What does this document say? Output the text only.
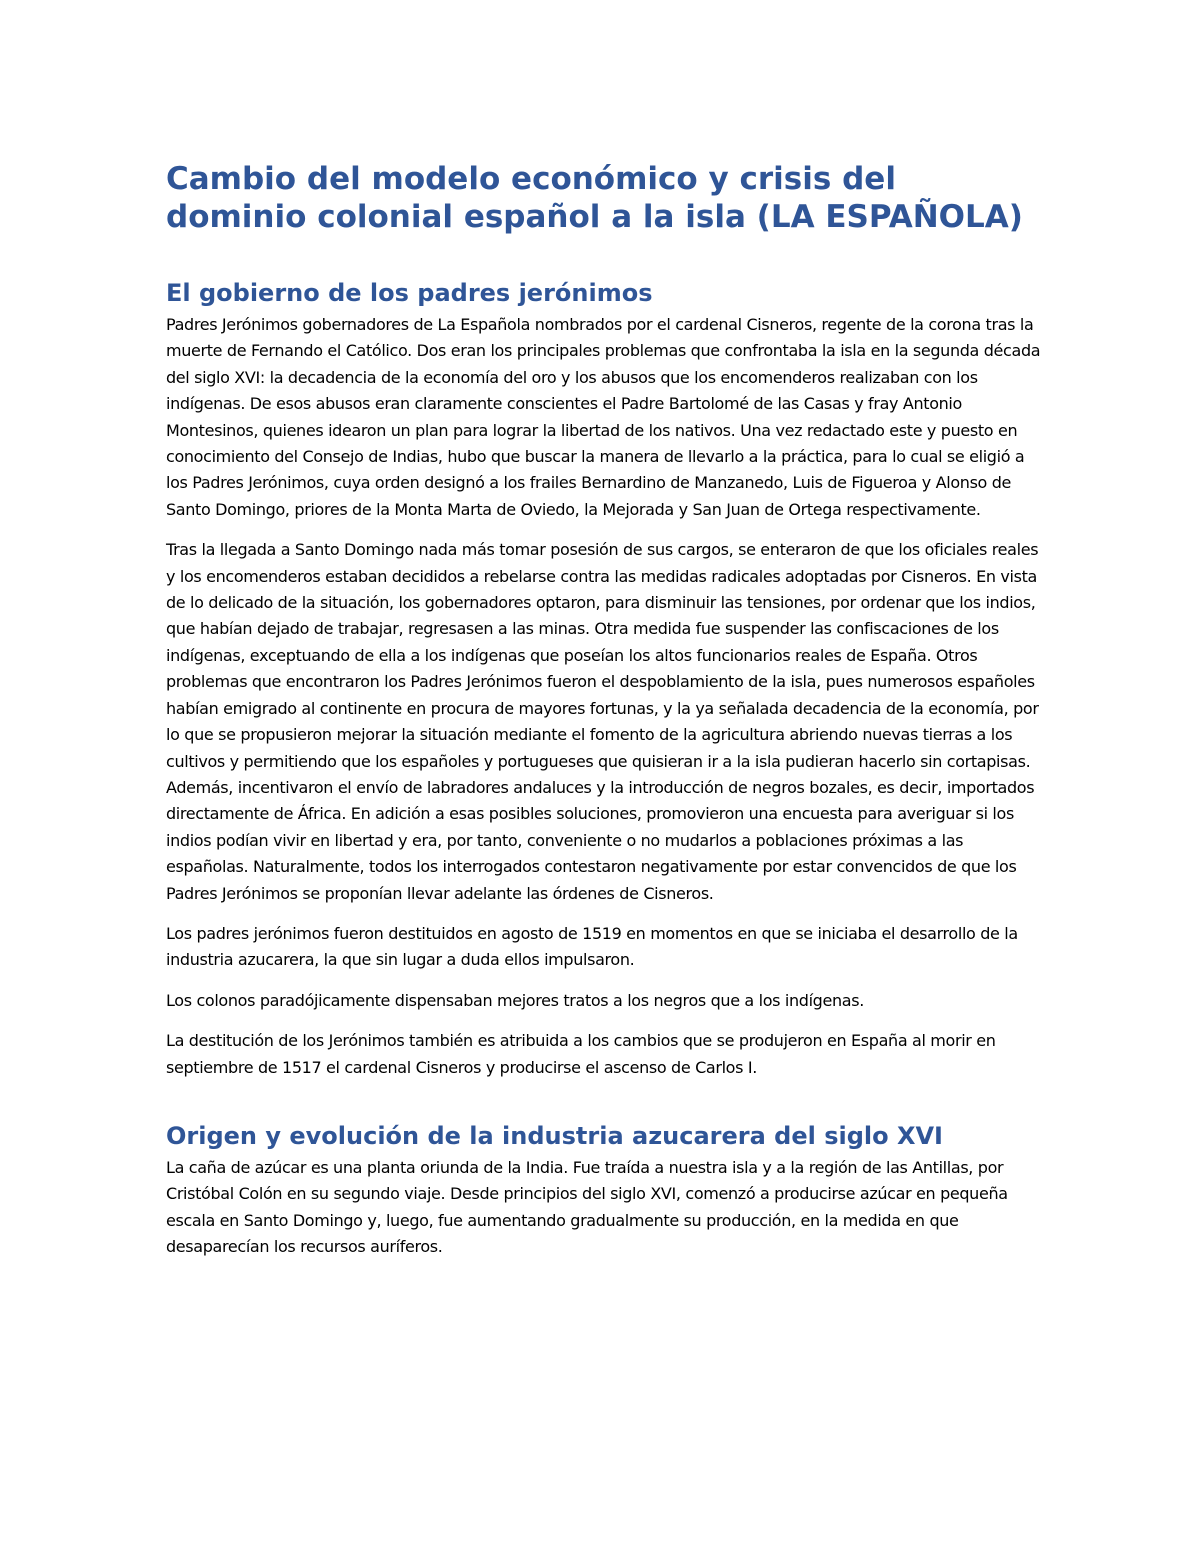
Cambio del modelo económico y crisis del dominio colonial español a la isla (LA ESPAÑOLA)
El gobierno de los padres jerónimos

Padres Jerónimos gobernadores de La Española nombrados por el cardenal Cisneros, regente de la corona tras la muerte de Fernando el Católico. Dos eran los principales problemas que confrontaba la isla en la segunda década del siglo XVI: la decadencia de la economía del oro y los abusos que los encomenderos realizaban con los indígenas. De esos abusos eran claramente conscientes el Padre Bartolomé de las Casas y fray Antonio Montesinos, quienes idearon un plan para lograr la libertad de los nativos. Una vez redactado este y puesto en conocimiento del Consejo de Indias, hubo que buscar la manera de llevarlo a la práctica, para lo cual se eligió a los Padres Jerónimos, cuya orden designó a los frailes Bernardino de Manzanedo, Luis de Figueroa y Alonso de Santo Domingo, priores de la Monta Marta de Oviedo, la Mejorada y San Juan de Ortega respectivamente.

Tras la llegada a Santo Domingo nada más tomar posesión de sus cargos, se enteraron de que los oficiales reales y los encomenderos estaban decididos a rebelarse contra las medidas radicales adoptadas por Cisneros. En vista de lo delicado de la situación, los gobernadores optaron, para disminuir las tensiones, por ordenar que los indios, que habían dejado de trabajar, regresasen a las minas. Otra medida fue suspender las confiscaciones de los indígenas, exceptuando de ella a los indígenas que poseían los altos funcionarios reales de España. Otros problemas que encontraron los Padres Jerónimos fueron el despoblamiento de la isla, pues numerosos españoles habían emigrado al continente en procura de mayores fortunas, y la ya señalada decadencia de la economía, por lo que se propusieron mejorar la situación mediante el fomento de la agricultura abriendo nuevas tierras a los cultivos y permitiendo que los españoles y portugueses que quisieran ir a la isla pudieran hacerlo sin cortapisas. Además, incentivaron el envío de labradores andaluces y la introducción de negros bozales, es decir, importados directamente de África. En adición a esas posibles soluciones, promovieron una encuesta para averiguar si los indios podían vivir en libertad y era, por tanto, conveniente o no mudarlos a poblaciones próximas a las españolas. Naturalmente, todos los interrogados contestaron negativamente por estar convencidos de que los Padres Jerónimos se proponían llevar adelante las órdenes de Cisneros.

Los padres jerónimos fueron destituidos en agosto de 1519 en momentos en que se iniciaba el desarrollo de la industria azucarera, la que sin lugar a duda ellos impulsaron.

Los colonos paradójicamente dispensaban mejores tratos a los negros que a los indígenas.

La destitución de los Jerónimos también es atribuida a los cambios que se produjeron en España al morir en septiembre de 1517 el cardenal Cisneros y producirse el ascenso de Carlos I.

Origen y evolución de la industria azucarera del siglo XVI

La caña de azúcar es una planta oriunda de la India. Fue traída a nuestra isla y a la región de las Antillas, por Cristóbal Colón en su segundo viaje. Desde principios del siglo XVI, comenzó a producirse azúcar en pequeña escala en Santo Domingo y, luego, fue aumentando gradualmente su producción, en la medida en que desaparecían los recursos auríferos.
